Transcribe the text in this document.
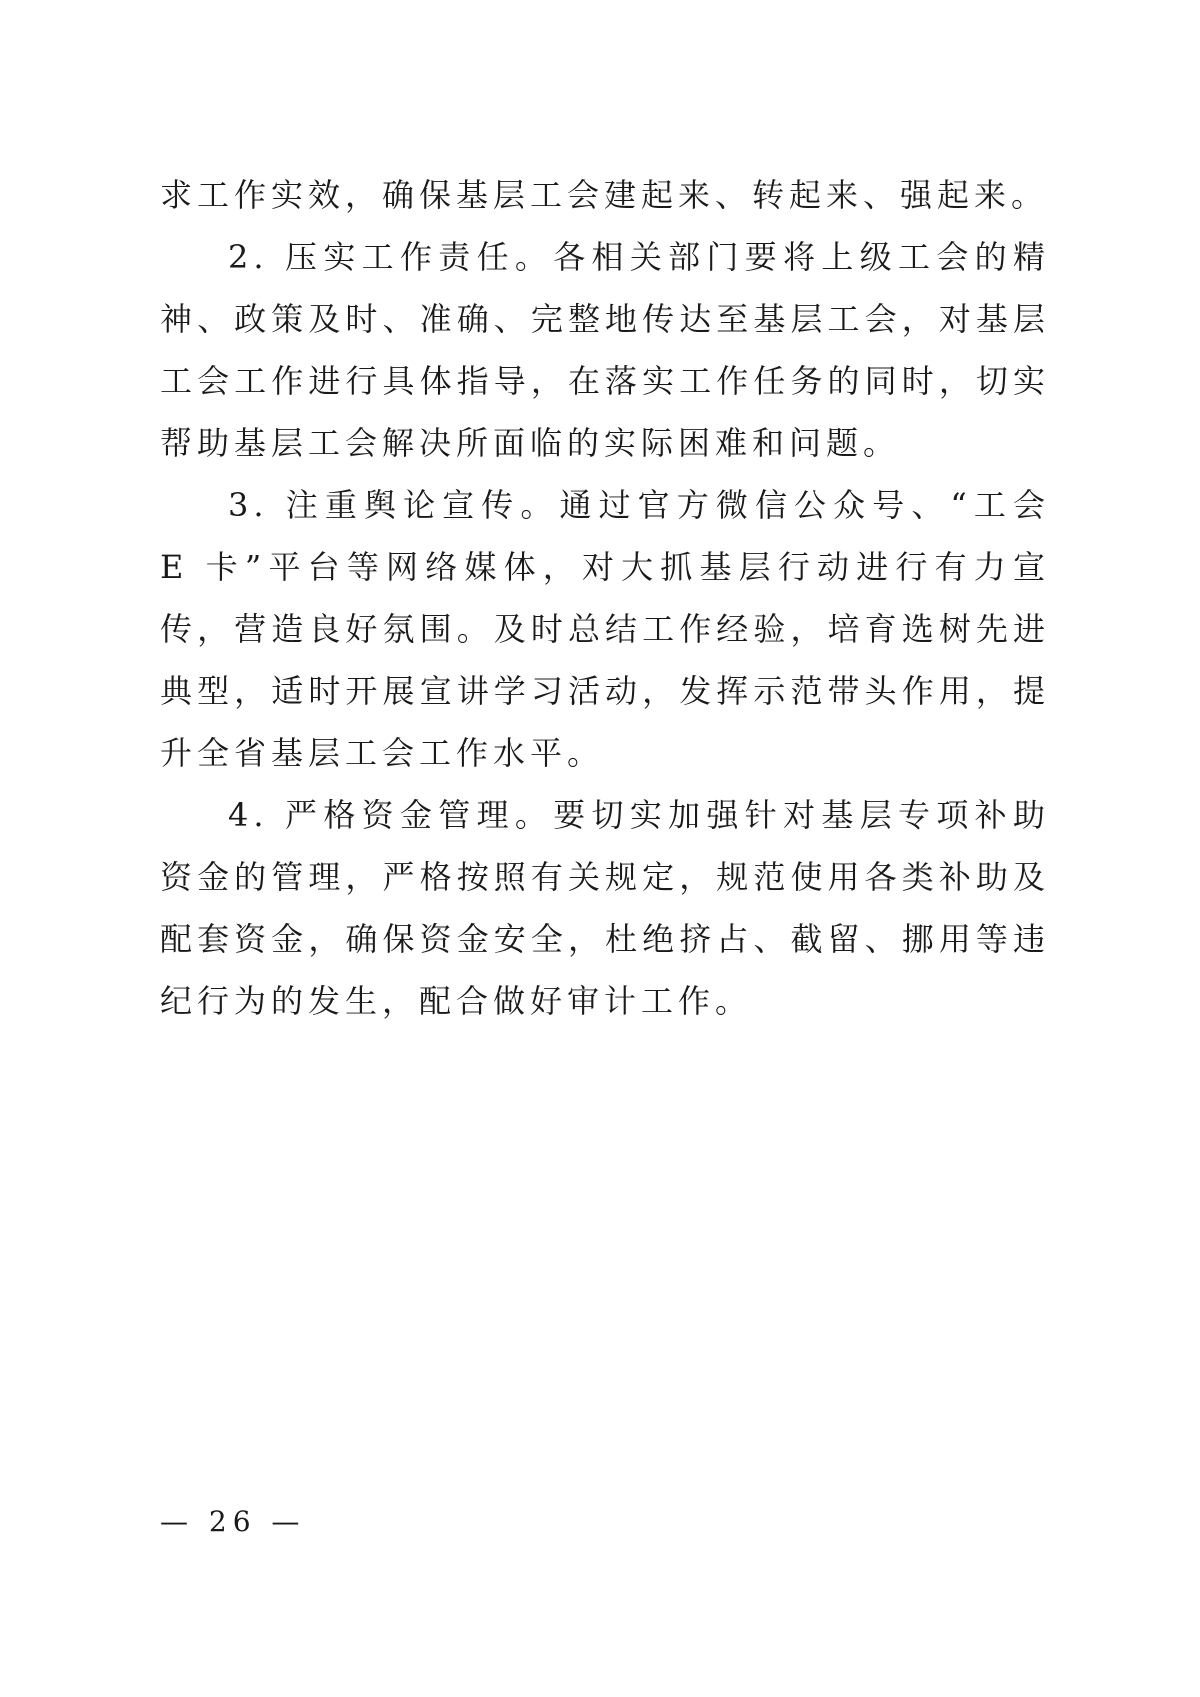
求工作实效，确保基层工会建起来、转起来、强起来。

2. 压实工作责任。各相关部门要将上级工会的精神、政策及时、准确、完整地传达至基层工会，对基层工会工作进行具体指导，在落实工作任务的同时，切实帮助基层工会解决所面临的实际困难和问题。

3. 注重舆论宣传。通过官方微信公众号、“工会 E 卡”平台等网络媒体，对大抓基层行动进行有力宣传，营造良好氛围。及时总结工作经验，培育选树先进典型，适时开展宣讲学习活动，发挥示范带头作用，提升全省基层工会工作水平。

4. 严格资金管理。要切实加强针对基层专项补助资金的管理，严格按照有关规定，规范使用各类补助及配套资金，确保资金安全，杜绝挤占、截留、挪用等违纪行为的发生，配合做好审计工作。

— 26 —
